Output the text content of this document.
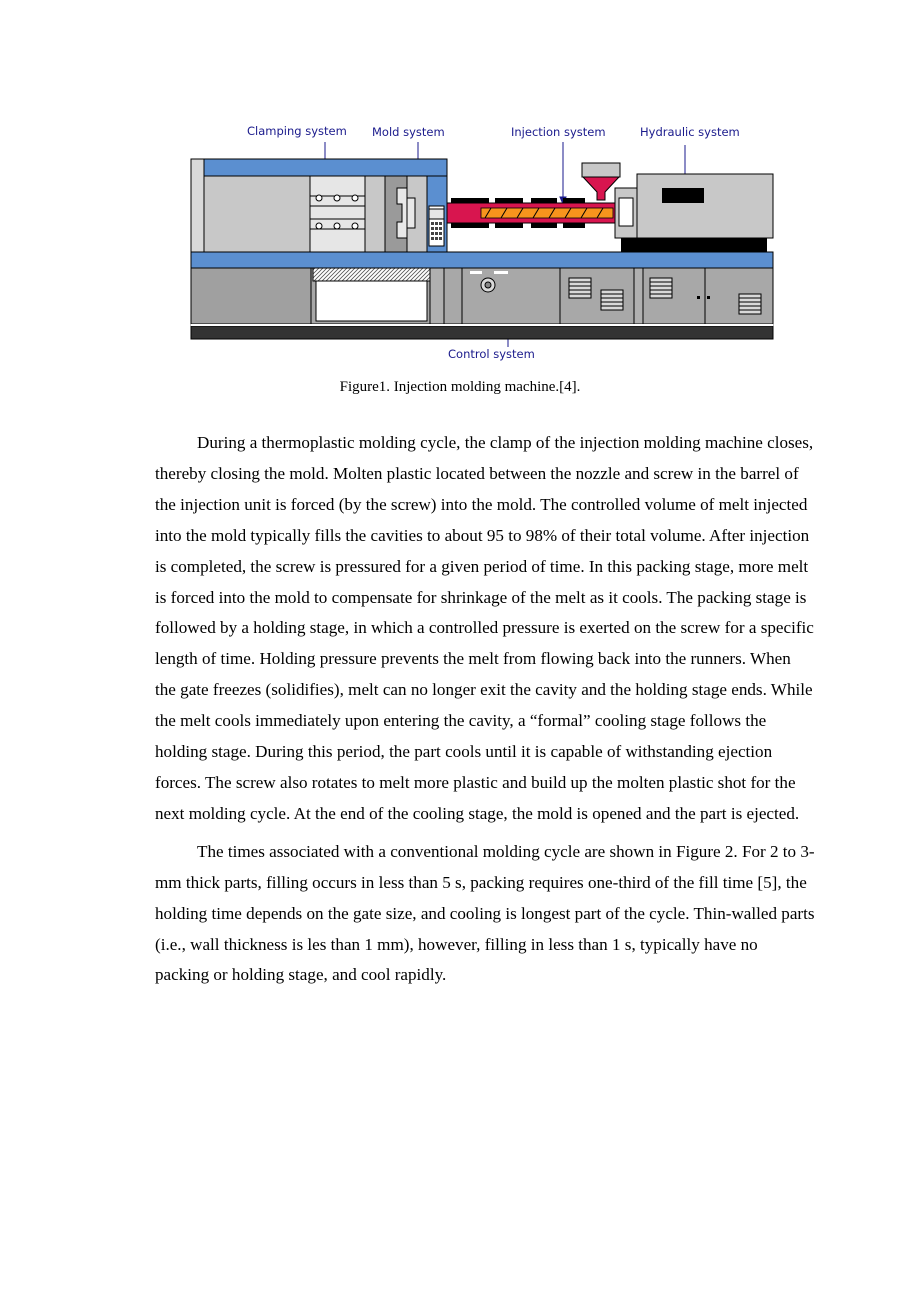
Clamping system Mold system	Injection system	Hydraulic system
Control system
Figure1. Injection molding machine.[4].

During a thermoplastic molding cycle, the clamp of the injection molding machine closes, thereby closing the mold. Molten plastic located between the nozzle and screw in the barrel of the injection unit is forced (by the screw) into the mold. The controlled volume of melt injected into the mold typically fills the cavities to about 95 to 98% of their total volume. After injection is completed, the screw is pressured for a given period of time. In this packing stage, more melt is forced into the mold to compensate for shrinkage of the melt as it cools. The packing stage is followed by a holding stage, in which a controlled pressure is exerted on the screw for a specific length of time. Holding pressure prevents the melt from flowing back into the runners. When the gate freezes (solidifies), melt can no longer exit the cavity and the holding stage ends. While the melt cools immediately upon entering the cavity, a “formal” cooling stage follows the holding stage. During this period, the part cools until it is capable of withstanding ejection forces. The screw also rotates to melt more plastic and build up the molten plastic shot for the next molding cycle. At the end of the cooling stage, the mold is opened and the part is ejected.

The times associated with a conventional molding cycle are shown in Figure 2. For 2 to 3-mm thick parts, filling occurs in less than 5 s, packing requires one-third of the fill time [5], the holding time depends on the gate size, and cooling is longest part of the cycle. Thin-walled parts (i.e., wall thickness is les than 1 mm), however, filling in less than 1 s, typically have no packing or holding stage, and cool rapidly.
